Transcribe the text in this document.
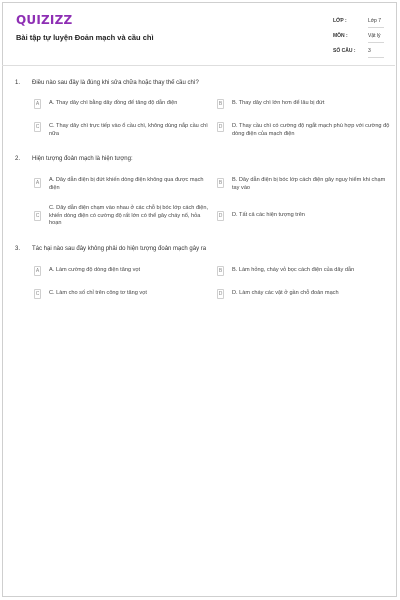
QUIZIZZ
Bài tập tự luyện Đoản mạch và cầu chì
LỚP :	Lớp 7
MÔN :	Vật lý
SỐ CÂU :	3
1. Điều nào sau đây là đúng khi sửa chữa hoặc thay thế cầu chì?
A	A. Thay dây chì bằng dây đồng để tăng độ dẫn điện	B	B. Thay dây chì lớn hơn để lâu bị đứt
C	C. Thay dây chì trực tiếp vào ổ cầu chì, không dùng nắp cầu chì nữa
D	D. Thay cầu chì có cường độ ngắt mạch phù hợp với cường độ dòng điện của mạch điện
2. Hiện tượng đoản mạch là hiện tượng:
A	A. Dây dẫn điện bị đứt khiến dòng điện không qua được mạch điện
B	B. Dây dẫn điện bị bóc lớp cách điện gây nguy hiểm khi chạm tay vào
C
C. Dây dẫn điện chạm vào nhau ở các chỗ bị bóc lớp cách điện, khiến dòng điện có cường độ rất lớn có thể gây cháy nổ, hỏa hoạn
D	D. Tất cả các hiện tượng trên
3. Tác hại nào sau đây không phải do hiện tượng đoản mạch gây ra
A	A. Làm cường độ dòng điện tăng vọt	B	B. Làm hỏng, cháy vỏ bọc cách điện của dây dẫn
C	C. Làm cho số chỉ trên công tơ tăng vọt	D	D. Làm cháy các vật ở gần chỗ đoản mạch
